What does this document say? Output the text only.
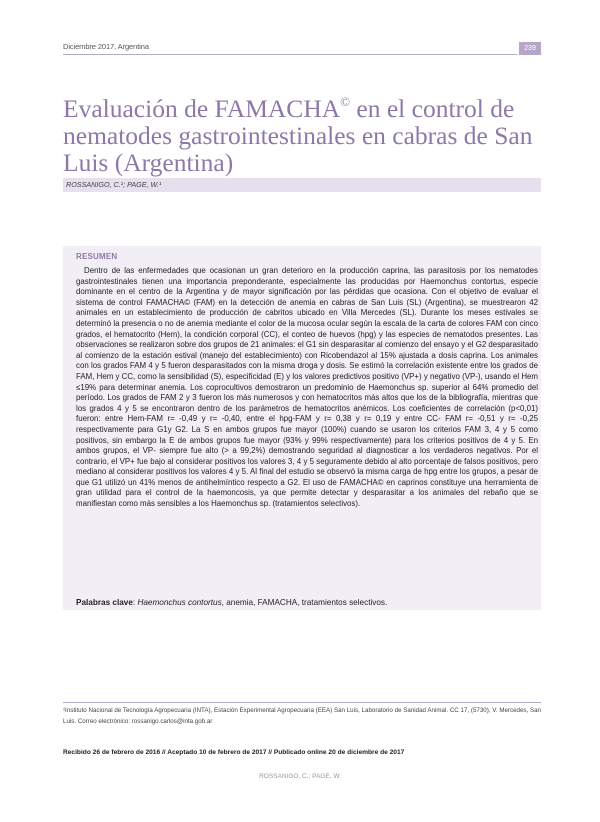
Diciembre 2017, Argentina	239
Evaluación de FAMACHA© en el control de nematodes gastrointestinales en cabras de San Luis (Argentina)
ROSSANIGO, C.¹; PAGE, W.¹
RESUMEN

Dentro de las enfermedades que ocasionan un gran deterioro en la producción caprina, las parasitosis por los nematodes gastrointestinales tienen una importancia preponderante, especialmente las producidas por Haemonchus contortus, especie dominante en el centro de la Argentina y de mayor significación por las pérdidas que ocasiona. Con el objetivo de evaluar el sistema de control FAMACHA© (FAM) en la detección de anemia en cabras de San Luis (SL) (Argentina), se muestrearon 42 animales en un establecimiento de producción de cabritos ubicado en Villa Mercedes (SL). Durante los meses estivales se determinó la presencia o no de anemia mediante el color de la mucosa ocular según la escala de la carta de colores FAM con cinco grados, el hematocrito (Hem), la condición corporal (CC), el conteo de huevos (hpg) y las especies de nematodos presentes. Las observaciones se realizaron sobre dos grupos de 21 animales: el G1 sin desparasitar al comienzo del ensayo y el G2 desparasitado al comienzo de la estación estival (manejo del establecimiento) con Ricobendazol al 15% ajustada a dosis caprina. Los animales con los grados FAM 4 y 5 fueron desparasitados con la misma droga y dosis. Se estimó la correlación existente entre los grados de FAM, Hem y CC, como la sensibilidad (S), especificidad (E) y los valores predictivos positivo (VP+) y negativo (VP-), usando el Hem ≤19% para determinar anemia. Los coprocultivos demostraron un predominio de Haemonchus sp. superior al 64% promedio del período. Los grados de FAM 2 y 3 fueron los más numerosos y con hematocritos más altos que los de la bibliografía, mientras que los grados 4 y 5 se encontraron dentro de los parámetros de hematocritos anémicos. Los coeficientes de correlación (p<0,01) fueron: entre Hem-FAM r= -0,49 y r= -0,40, entre el hpg-FAM y r= 0,38 y r= 0,19 y entre CC- FAM r= -0,51 y r= -0,25 respectivamente para G1y G2. La S en ambos grupos fue mayor (100%) cuando se usaron los criterios FAM 3, 4 y 5 como positivos, sin embargo la E de ambos grupos fue mayor (93% y 99% respectivamente) para los criterios positivos de 4 y 5. En ambos grupos, el VP- siempre fue alto (> a 99,2%) demostrando seguridad al diagnosticar a los verdaderos negativos. Por el contrario, el VP+ fue bajo al considerar positivos los valores 3, 4 y 5 seguramente debido al alto porcentaje de falsos positivos, pero mediano al considerar positivos los valores 4 y 5. Al final del estudio se observó la misma carga de hpg entre los grupos, a pesar de que G1 utilizó un 41% menos de antihelmíntico respecto a G2. El uso de FAMACHA© en caprinos constituye una herramienta de gran utilidad para el control de la haemoncosis, ya que permite detectar y desparasitar a los animales del rebaño que se manifiestan como más sensibles a los Haemonchus sp. (tratamientos selectivos).

Palabras clave: Haemonchus contortus, anemia, FAMACHA, tratamientos selectivos.

¹Instituto Nacional de Tecnología Agropecuaria (INTA), Estación Experimental Agropecuaria (EEA) San Luis, Laboratorio de Sanidad Animal. CC 17, (5730), V. Mercedes, San Luis. Correo electrónico: rossanigo.carlos@inta.gob.ar

Recibido 26 de febrero de 2016 // Aceptado 10 de febrero de 2017 // Publicado online 20 de diciembre de 2017
ROSSANIGO, C.; PAGE, W.
